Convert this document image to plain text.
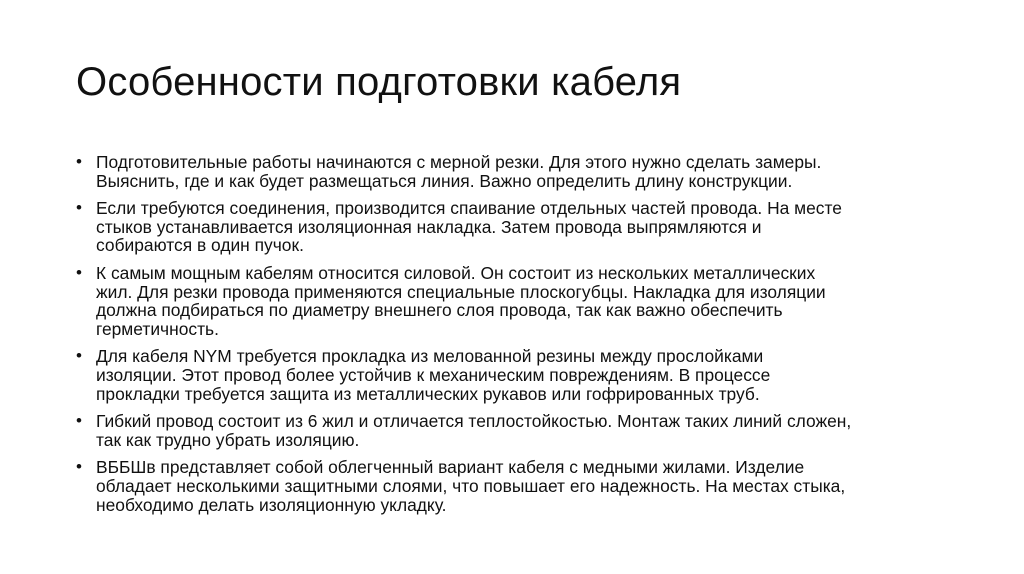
Особенности подготовки кабеля
• Подготовительные работы начинаются с мерной резки. Для этого нужно сделать замеры.
Выяснить, где и как будет размещаться линия. Важно определить длину конструкции.
• Если требуются соединения, производится спаивание отдельных частей провода. На месте
стыков устанавливается изоляционная накладка. Затем провода выпрямляются и
собираются в один пучок.
• К самым мощным кабелям относится силовой. Он состоит из нескольких металлических
жил. Для резки провода применяются специальные плоскогубцы. Накладка для изоляции
должна подбираться по диаметру внешнего слоя провода, так как важно обеспечить
герметичность.
• Для кабеля NYM требуется прокладка из мелованной резины между прослойками
изоляции. Этот провод более устойчив к механическим повреждениям. В процессе
прокладки требуется защита из металлических рукавов или гофрированных труб.
• Гибкий провод состоит из 6 жил и отличается теплостойкостью. Монтаж таких линий сложен,
так как трудно убрать изоляцию.
• ВББШв представляет собой облегченный вариант кабеля с медными жилами. Изделие
обладает несколькими защитными слоями, что повышает его надежность. На местах стыка,
необходимо делать изоляционную укладку.
